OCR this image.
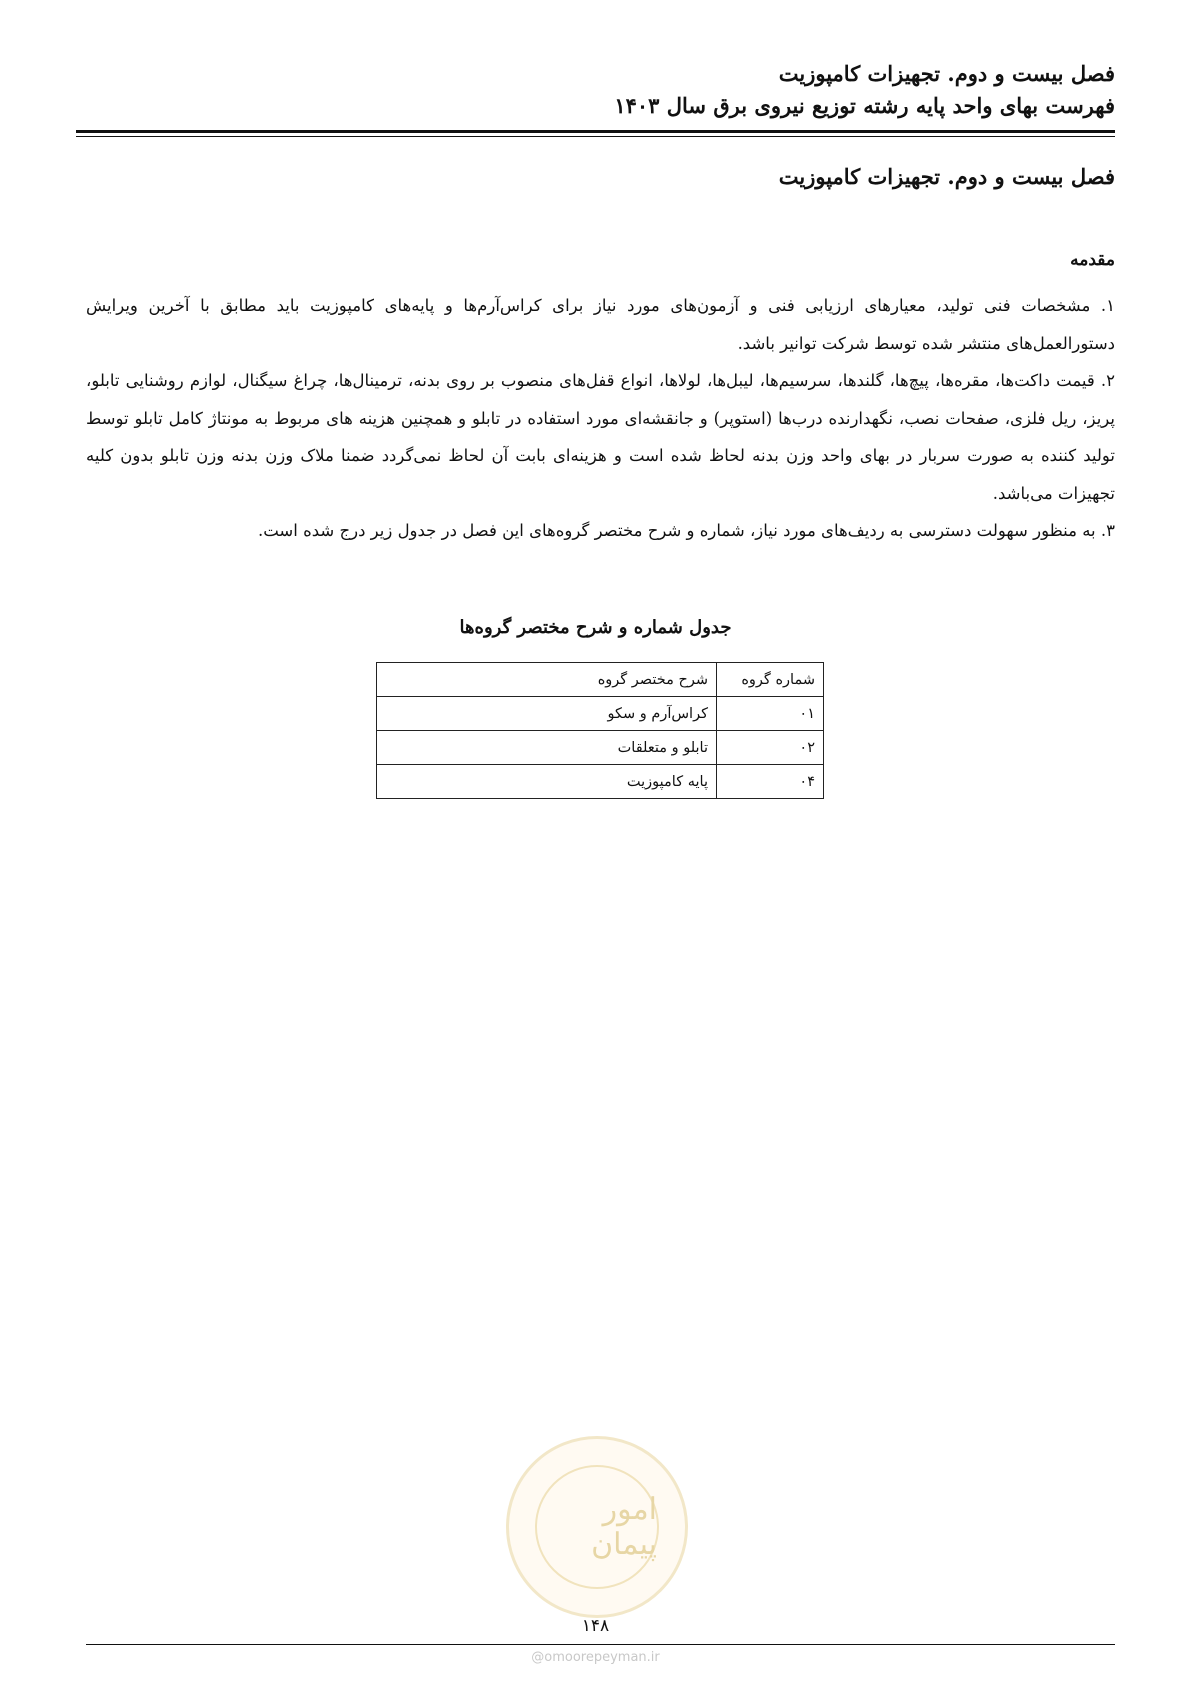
فصل بیست و دوم. تجهیزات کامپوزیت
فهرست بهای واحد پایه رشته توزیع نیروی برق سال ۱۴۰۳
فصل بیست و دوم. تجهیزات کامپوزیت
مقدمه
۱. مشخصات فنی تولید، معیارهای ارزیابی فنی و آزمون‌های مورد نیاز برای کراس‌آرم‌ها و پایه‌های کامپوزیت باید مطابق با آخرین ویرایش دستورالعمل‌های منتشر شده توسط شرکت توانیر باشد.
۲. قیمت داکت‌ها، مقره‌ها، پیچ‌ها، گلندها، سرسیم‌ها، لیبل‌ها، لولاها، انواع قفل‌های منصوب بر روی بدنه، ترمینال‌ها، چراغ سیگنال، لوازم روشنایی تابلو، پریز، ریل فلزی، صفحات نصب، نگهدارنده درب‌ها (استوپر) و جانقشه‌ای مورد استفاده در تابلو و همچنین هزینه های مربوط به مونتاژ کامل تابلو توسط تولید کننده به صورت سربار در بهای واحد وزن بدنه لحاظ شده است و هزینه‌ای بابت آن لحاظ نمی‌گردد ضمنا ملاک وزن بدنه وزن تابلو بدون کلیه تجهیزات می‌باشد.
۳. به منظور سهولت دسترسی به ردیف‌های مورد نیاز، شماره و شرح مختصر گروه‌های این فصل در جدول زیر درج شده است.
جدول شماره و شرح مختصر گروه‌ها
شماره گروه	شرح مختصر گروه
۰۱	کراس‌آرم و سکو
۰۲	تابلو و متعلقات
۰۴	پایه کامپوزیت
امور پیمان
۱۴۸
@omoorepeyman.ir
